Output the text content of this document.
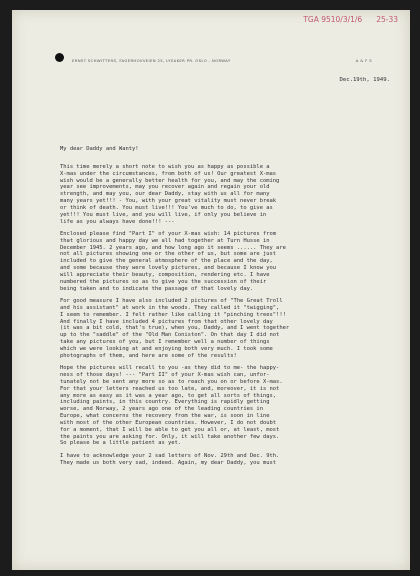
TGA 9510/3/1/6 25-33
ERNST SCHWITTERS, FAGERHOVVEIEN 25, LYSAKER PR. OSLO - NORWAY	A & F S
Dec.19th, 1949.

My dear Daddy and Wanty!

This time merely a short note to wish you as happy as possible a
X-mas under the circumstances, from both of us! Our greatest X-mas
wish would be a generally better health for you, and may the coming
year see improvements, may you recover again and regain your old
strength, and may you, our dear Daddy, stay with us all for many
many years yet!!! - You, with your great vitality must never break
or think of death. You must live!!! You've much to do, to give as
yet!!! You must live, and you will live, if only you believe in
life as you always have done!!! ---

Enclosed please find "Part I" of your X-mas wish: 14 pictures from
that glorious and happy day we all had together at Turn Husse in
December 1945. 2 years ago, and how long ago it seems ...... They are
not all pictures showing one or the other of us, but some are just
included to give the general atmosphere of the place and the day,
and some because they were lovely pictures, and because I know you
will appreciate their beauty, composition, rendering etc. I have
numbered the pictures so as to give you the succession of their
being taken and to indicate the passage of that lovely day.

For good measure I have also included 2 pictures of "The Great Troll
and his assistant" at work in the woods. They called it "twigging",
I seem to remember. I felt rather like calling it "pinching trees"!!!
And finally I have included 4 pictures from that other lovely day
(it was a bit cold, that's true), when you, Daddy, and I went together
up to the "saddle" of the "Old Man Coniston". On that day I did not
take any pictures of you, but I remember well a number of things
which we were looking at and enjoying both very much. I took some
photographs of them, and here are some of the results!

Hope the pictures will recall to you -as they did to me- the happy-
ness of those days! --- "Part II" of your X-mas wish can, unfor-
tunately not be sent any more so as to reach you on or before X-mas.
For that your letters reached us too late, and, moreover, it is not
any more as easy as it was a year ago, to get all sorts of things,
including paints, in this country. Everything is rapidly getting
worse, and Norway, 2 years ago one of the leading countries in
Europe, what concerns the recovery from the war, is soon in line
with most of the other European countries. However, I do not doubt
for a moment, that I will be able to get you all or, at least, most
the paints you are asking for. Only, it will take another few days.
So please be a little patient as yet.

I have to acknowledge your 2 sad letters of Nov. 29th and Dec. 9th.
They made us both very sad, indeed. Again, my dear Daddy, you must
